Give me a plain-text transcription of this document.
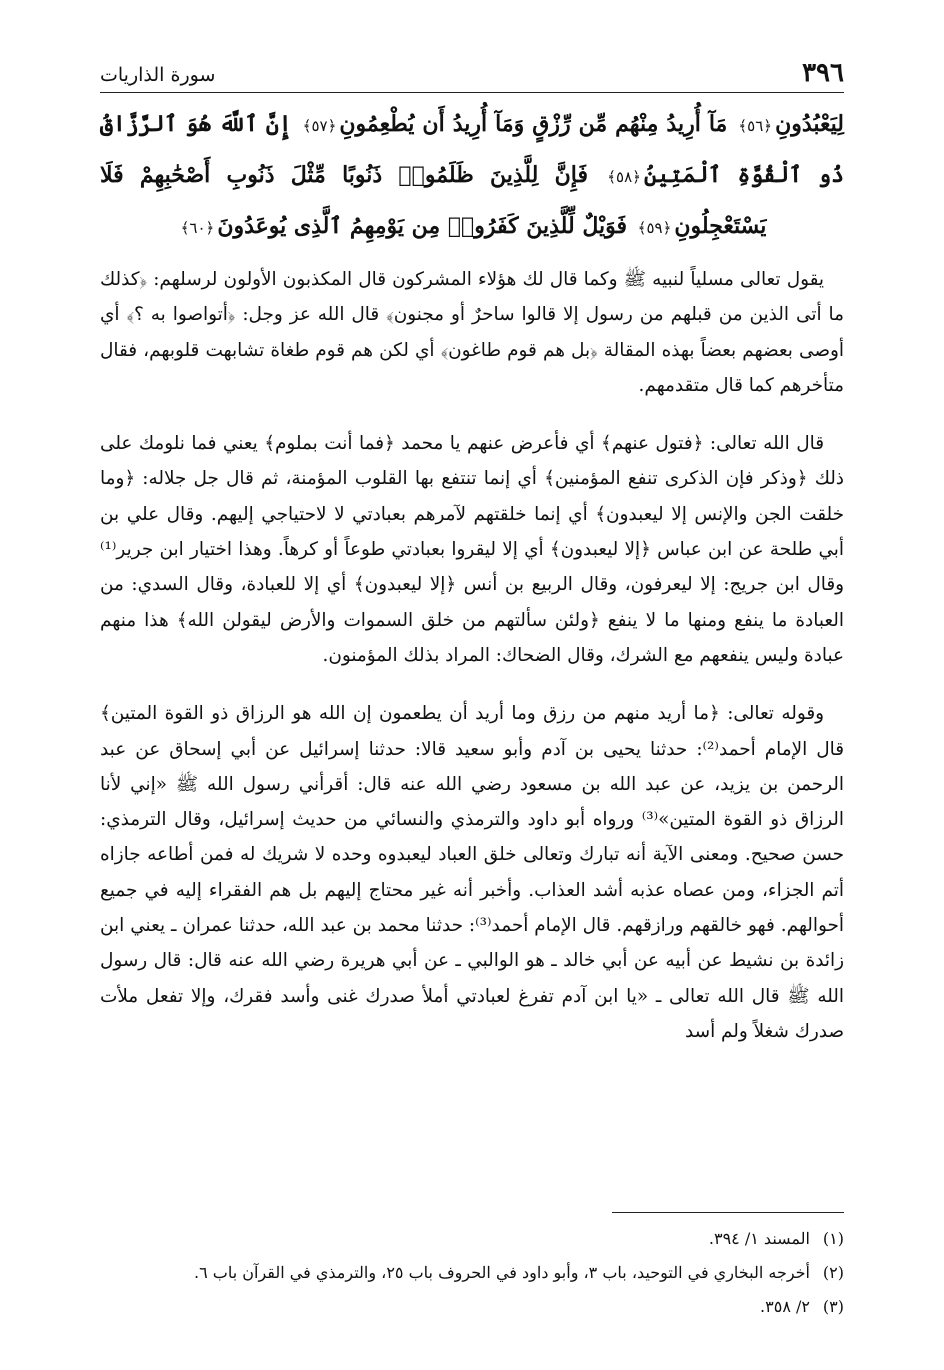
٣٩٦
سورة الذاريات
لِيَعْبُدُونِ﴿٥٦﴾ مَآ أُرِيدُ مِنْهُم مِّن رِّزْقٍ وَمَآ أُرِيدُ أَن يُطْعِمُونِ﴿٥٧﴾ إِنَّ ٱللَّهَ هُوَ ٱلرَّزَّاقُ ذُو ٱلْقُوَّةِ ٱلْمَتِينُ﴿٥٨﴾ فَإِنَّ لِلَّذِينَ ظَلَمُوا۟ ذَنُوبًا مِّثْلَ ذَنُوبِ أَصْحَٰبِهِمْ فَلَا يَسْتَعْجِلُونِ﴿٥٩﴾ فَوَيْلٌ لِّلَّذِينَ كَفَرُوا۟ مِن يَوْمِهِمُ ٱلَّذِى يُوعَدُونَ﴿٦٠﴾

يقول تعالى مسلياً لنبيه ﷺ وكما قال لك هؤلاء المشركون قال المكذبون الأولون لرسلهم: ﴿كذلك ما أتى الذين من قبلهم من رسول إلا قالوا ساحرٌ أو مجنون﴾ قال الله عز وجل: ﴿أتواصوا به ؟﴾ أي أوصى بعضهم بعضاً بهذه المقالة ﴿بل هم قوم طاغون﴾ أي لكن هم قوم طغاة تشابهت قلوبهم، فقال متأخرهم كما قال متقدمهم.

قال الله تعالى: ﴿فتول عنهم﴾ أي فأعرض عنهم يا محمد ﴿فما أنت بملوم﴾ يعني فما نلومك على ذلك ﴿وذكر فإن الذكرى تنفع المؤمنين﴾ أي إنما تنتفع بها القلوب المؤمنة، ثم قال جل جلاله: ﴿وما خلقت الجن والإنس إلا ليعبدون﴾ أي إنما خلقتهم لآمرهم بعبادتي لا لاحتياجي إليهم. وقال علي بن أبي طلحة عن ابن عباس ﴿إلا ليعبدون﴾ أي إلا ليقروا بعبادتي طوعاً أو كرهاً. وهذا اختيار ابن جرير⁽¹⁾ وقال ابن جريج: إلا ليعرفون، وقال الربيع بن أنس ﴿إلا ليعبدون﴾ أي إلا للعبادة، وقال السدي: من العبادة ما ينفع ومنها ما لا ينفع ﴿ولئن سألتهم من خلق السموات والأرض ليقولن الله﴾ هذا منهم عبادة وليس ينفعهم مع الشرك، وقال الضحاك: المراد بذلك المؤمنون.

وقوله تعالى: ﴿ما أريد منهم من رزق وما أريد أن يطعمون إن الله هو الرزاق ذو القوة المتين﴾ قال الإمام أحمد⁽²⁾: حدثنا يحيى بن آدم وأبو سعيد قالا: حدثنا إسرائيل عن أبي إسحاق عن عبد الرحمن بن يزيد، عن عبد الله بن مسعود رضي الله عنه قال: أقرأني رسول الله ﷺ «إني لأنا الرزاق ذو القوة المتين»⁽³⁾ ورواه أبو داود والترمذي والنسائي من حديث إسرائيل، وقال الترمذي: حسن صحيح. ومعنى الآية أنه تبارك وتعالى خلق العباد ليعبدوه وحده لا شريك له فمن أطاعه جازاه أتم الجزاء، ومن عصاه عذبه أشد العذاب. وأخبر أنه غير محتاج إليهم بل هم الفقراء إليه في جميع أحوالهم. فهو خالقهم ورازقهم. قال الإمام أحمد⁽³⁾: حدثنا محمد بن عبد الله، حدثنا عمران ـ يعني ابن زائدة بن نشيط عن أبيه عن أبي خالد ـ هو الوالبي ـ عن أبي هريرة رضي الله عنه قال: قال رسول الله ﷺ قال الله تعالى ـ «يا ابن آدم تفرغ لعبادتي أملأ صدرك غنى وأسد فقرك، وإلا تفعل ملأت صدرك شغلاً ولم أسد

(١)
المسند ١/ ٣٩٤.
(٢)
أخرجه البخاري في التوحيد، باب ٣، وأبو داود في الحروف باب ٢٥، والترمذي في القرآن باب ٦.
(٣)
٢/ ٣٥٨.
